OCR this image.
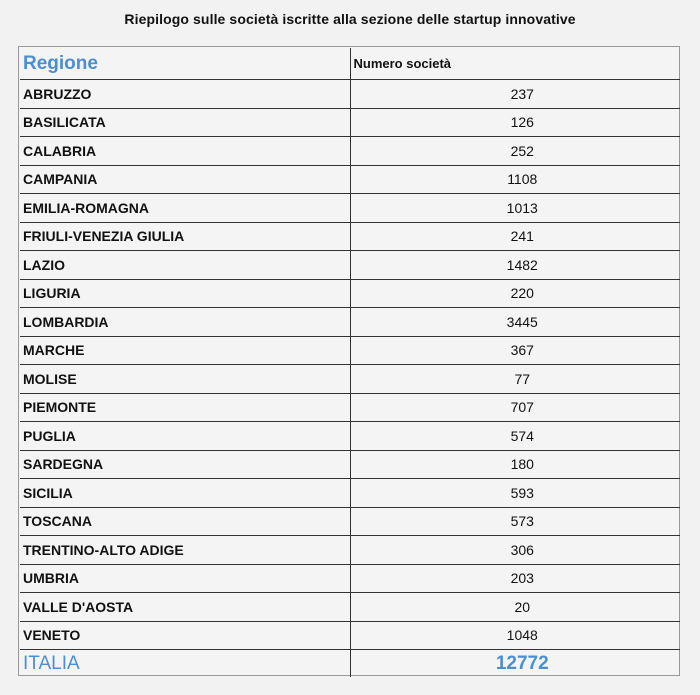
Riepilogo sulle società iscritte alla sezione delle startup innovative
Regione	Numero società
ABRUZZO	237
BASILICATA	126
CALABRIA	252
CAMPANIA	1108
EMILIA-ROMAGNA	1013
FRIULI-VENEZIA GIULIA	241
LAZIO	1482
LIGURIA	220
LOMBARDIA	3445
MARCHE	367
MOLISE	77
PIEMONTE	707
PUGLIA	574
SARDEGNA	180
SICILIA	593
TOSCANA	573
TRENTINO-ALTO ADIGE	306
UMBRIA	203
VALLE D'AOSTA	20
VENETO	1048
ITALIA	12772
